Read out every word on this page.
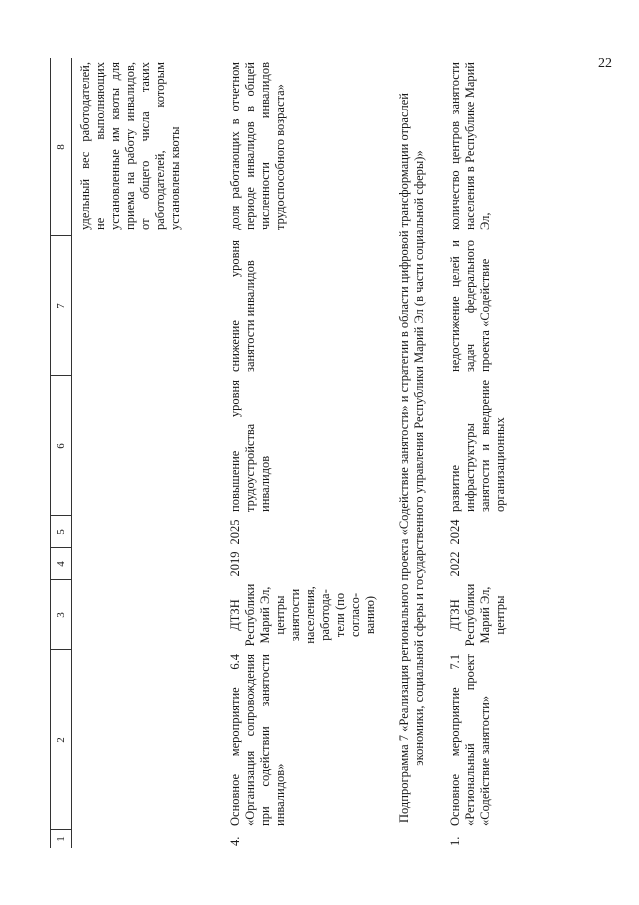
22
1
2
3
4
5
6
7
8 удельный вес работодателей, не выполняющих установленные им квоты для приема на работу инвалидов, от общего числа таких работодателей, которым установлены квоты
4.
Основное мероприятие 6.4 «Организация сопровождения при содействии занятости инвалидов»
ДТЗН Республики Марий Эл, центры занятости населения, работода-тели (по согласо-ванию)
2019
2025
повышение уровня трудоустройства инвалидов
снижение уровня занятости инвалидов
доля работающих в отчетном периоде инвалидов в общей численности инвалидов трудоспособного возраста»	Подпрограмма 7 «Реализация регионального проекта «Содействие занятости» и стратегии в области цифровой трансформации отраслей экономики, социальной сферы и государственного управления Республики Марий Эл (в части социальной сферы)»
1.
Основное мероприятие 7.1 «Региональный проект «Содействие занятости»
ДТЗН Республики Марий Эл, центры
2022
2024
развитие инфраструктуры занятости и внедрение организационных
недостижение целей и задач федерального проекта «Содействие
количество центров занятости населения в Республике Марий Эл,
